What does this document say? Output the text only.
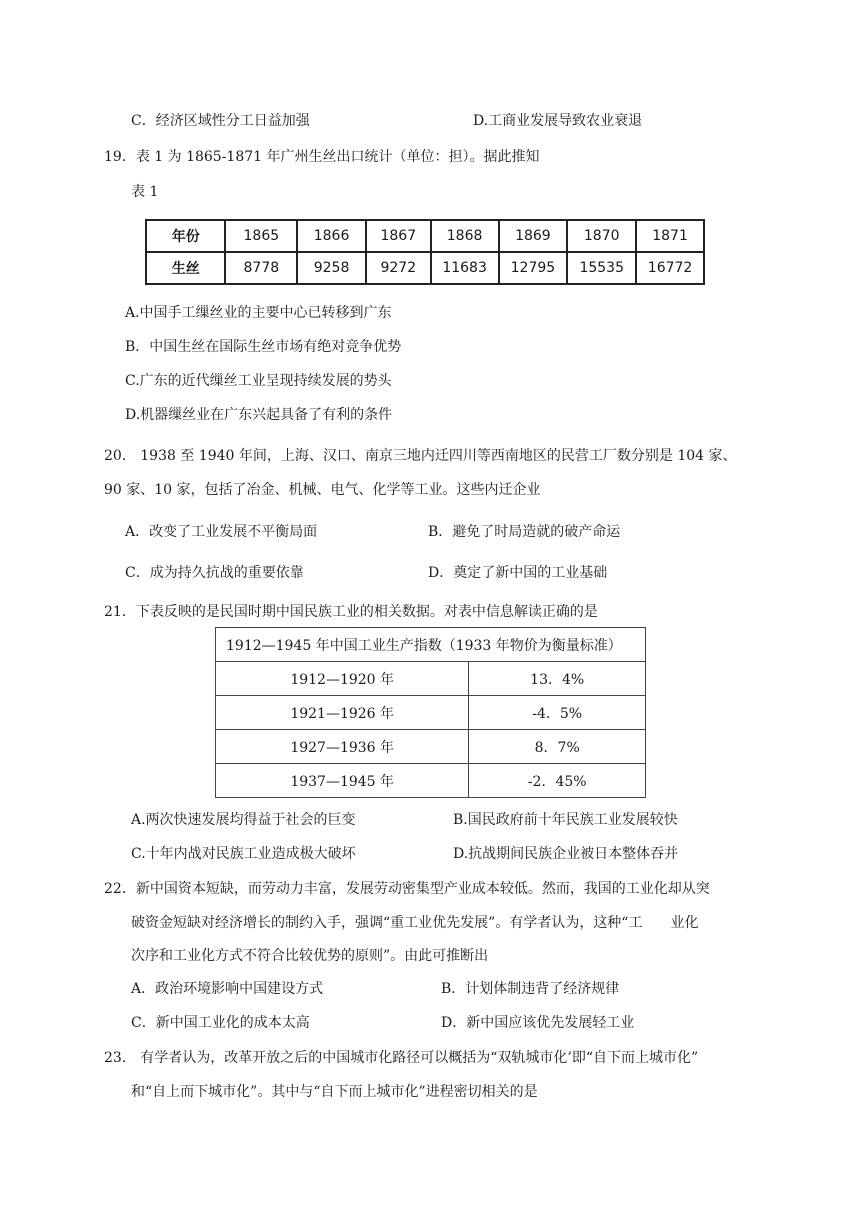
C．经济区域性分工日益加强	D.工商业发展导致农业衰退
19．表 1 为 1865-1871 年广州生丝出口统计（单位：担）。据此推知
表 1
年份	1865	1866	1867	1868	1869	1870	1871
生丝	8778	9258	9272	11683	12795	15535	16772
A.中国手工缫丝业的主要中心已转移到广东
B．中国生丝在国际生丝市场有绝对竞争优势
C.广东的近代缫丝工业呈现持续发展的势头
D.机器缫丝业在广东兴起具备了有利的条件
20． 1938 至 1940 年间，上海、汉口、南京三地内迁四川等西南地区的民营工厂数分别是 104 家、
90 家、10 家，包括了冶金、机械、电气、化学等工业。这些内迁企业
A．改变了工业发展不平衡局面	B．避免了时局造就的破产命运
C．成为持久抗战的重要依靠	D．奠定了新中国的工业基础
21．下表反映的是民国时期中国民族工业的相关数据。对表中信息解读正确的是
1912—1945 年中国工业生产指数（1933 年物价为衡量标准）	
1912—1920 年	13．4%
1921—1926 年	-4．5%
1927—1936 年	8．7%
1937—1945 年	-2．45%
A.两次快速发展均得益于社会的巨变	B.国民政府前十年民族工业发展较快
C.十年内战对民族工业造成极大破坏	D.抗战期间民族企业被日本整体吞并
22．新中国资本短缺，而劳动力丰富，发展劳动密集型产业成本较低。然而，我国的工业化却从突
破资金短缺对经济增长的制约入手，强调“重工业优先发展”。有学者认为，这种“工　　业化
次序和工业化方式不符合比较优势的原则”。由此可推断出
A．政治环境影响中国建设方式	B．计划体制违背了经济规律
C．新中国工业化的成本太高	D．新中国应该优先发展轻工业
23． 有学者认为，改革开放之后的中国城市化路径可以概括为“双轨城市化’即“自下而上城市化”
和“自上而下城市化”。其中与“自下而上城市化”进程密切相关的是
